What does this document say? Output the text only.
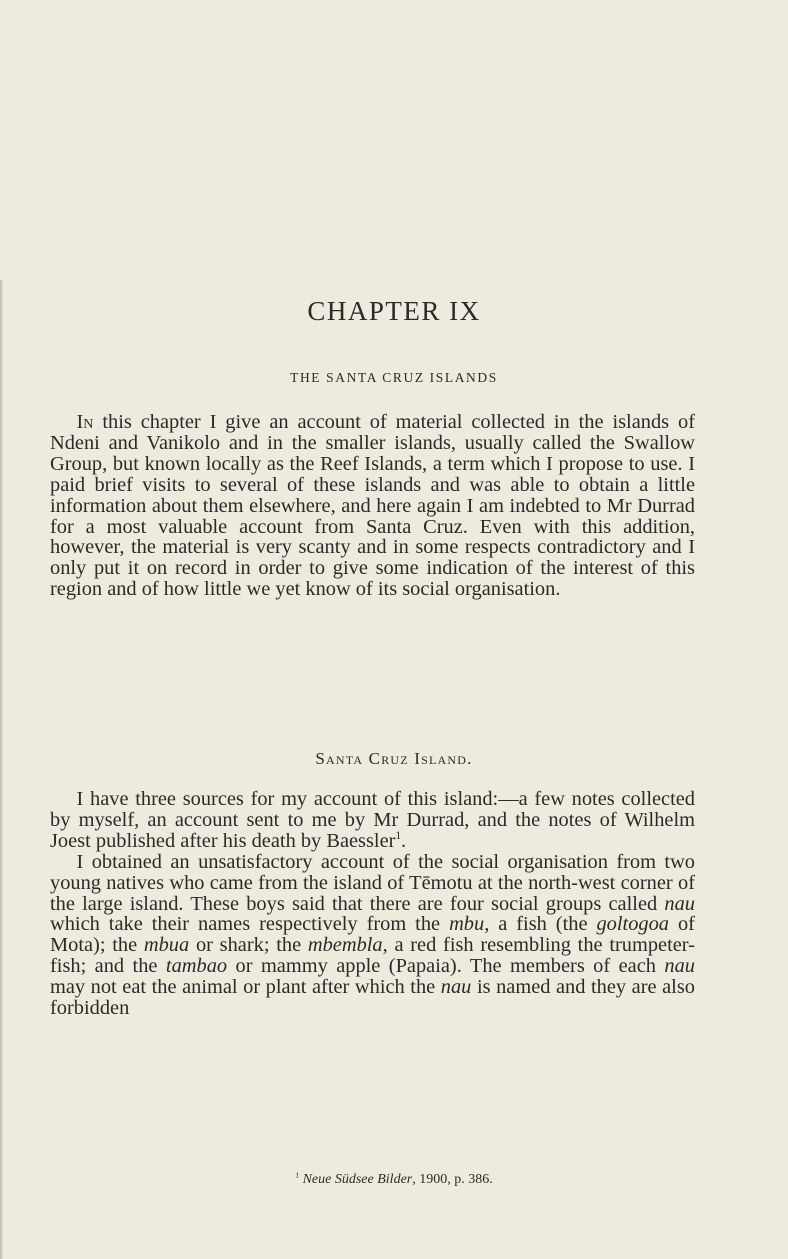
CHAPTER IX
THE SANTA CRUZ ISLANDS

In this chapter I give an account of material collected in the islands of Ndeni and Vanikolo and in the smaller islands, usually called the Swallow Group, but known locally as the Reef Islands, a term which I propose to use. I paid brief visits to several of these islands and was able to obtain a little information about them elsewhere, and here again I am indebted to Mr Durrad for a most valuable account from Santa Cruz. Even with this addition, however, the material is very scanty and in some respects contradictory and I only put it on record in order to give some indication of the interest of this region and of how little we yet know of its social organisation.

Santa Cruz Island.

I have three sources for my account of this island:—a few notes collected by myself, an account sent to me by Mr Durrad, and the notes of Wilhelm Joest published after his death by Baessler$^1$.

I obtained an unsatisfactory account of the social organisation from two young natives who came from the island of Tēmotu at the north-west corner of the large island. These boys said that there are four social groups called nau which take their names respectively from the mbu, a fish (the goltogoa of Mota); the mbua or shark; the mbembla, a red fish resembling the trumpeter-fish; and the tambao or mammy apple (Papaia). The members of each nau may not eat the animal or plant after which the nau is named and they are also forbidden

$^1$ Neue Südsee Bilder, 1900, p. 386.
